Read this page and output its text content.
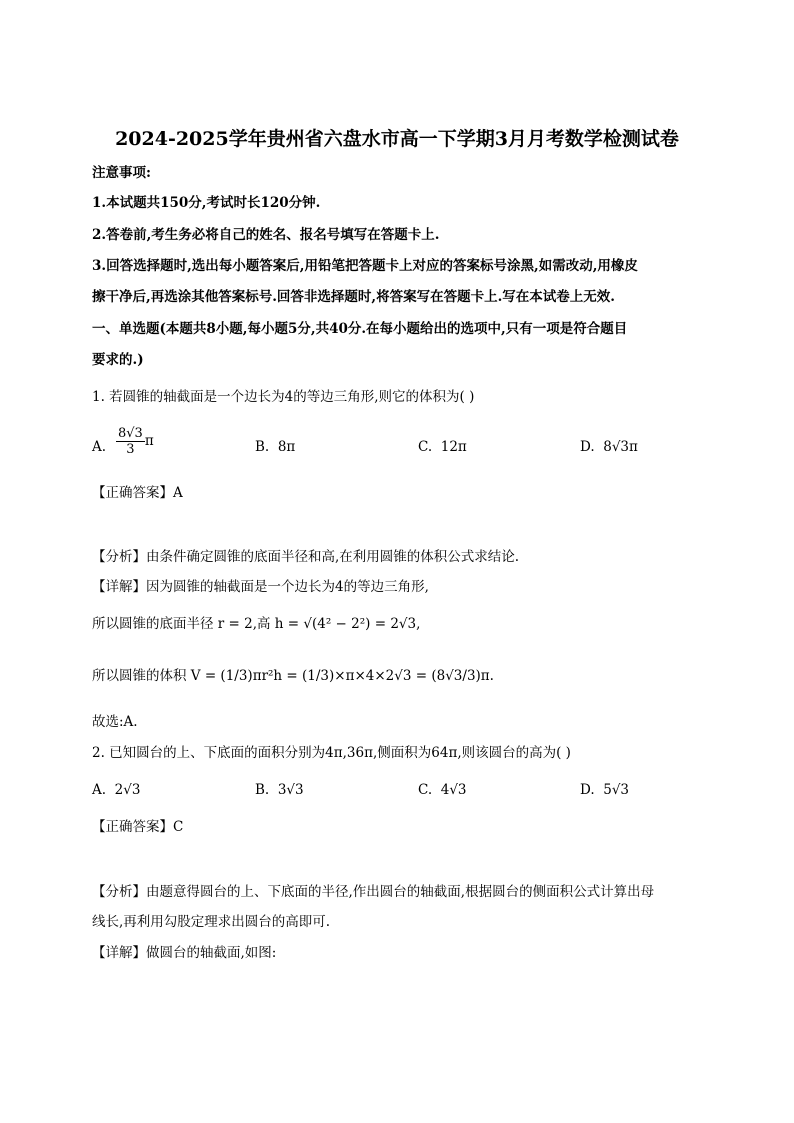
2024-2025学年贵州省六盘水市高一下学期3月月考数学检测试卷
注意事项:
1.本试题共150分,考试时长120分钟.
2.答卷前,考生务必将自己的姓名、报名号填写在答题卡上.
3.回答选择题时,选出每小题答案后,用铅笔把答题卡上对应的答案标号涂黑,如需改动,用橡皮
擦干净后,再选涂其他答案标号.回答非选择题时,将答案写在答题卡上.写在本试卷上无效.
一、单选题(本题共8小题,每小题5分,共40分.在每小题给出的选项中,只有一项是符合题目
要求的.)
1. 若圆锥的轴截面是一个边长为4的等边三角形,则它的体积为( )
A. $\frac{8√3}{3}$ π	B. 8π	C. 12π	D. 8√3π
【正确答案】A
【分析】由条件确定圆锥的底面半径和高,在利用圆锥的体积公式求结论.
【详解】因为圆锥的轴截面是一个边长为4的等边三角形,
所以圆锥的底面半径 r = 2,高 h = √(4² − 2²) = 2√3,
所以圆锥的体积 V = (1/3)πr²h = (1/3)×π×4×2√3 = (8√3/3)π.
故选:A.
2. 已知圆台的上、下底面的面积分别为4π,36π,侧面积为64π,则该圆台的高为( )
A. 2√3	B. 3√3	C. 4√3	D. 5√3
【正确答案】C
【分析】由题意得圆台的上、下底面的半径,作出圆台的轴截面,根据圆台的侧面积公式计算出母
线长,再利用勾股定理求出圆台的高即可.
【详解】做圆台的轴截面,如图:
